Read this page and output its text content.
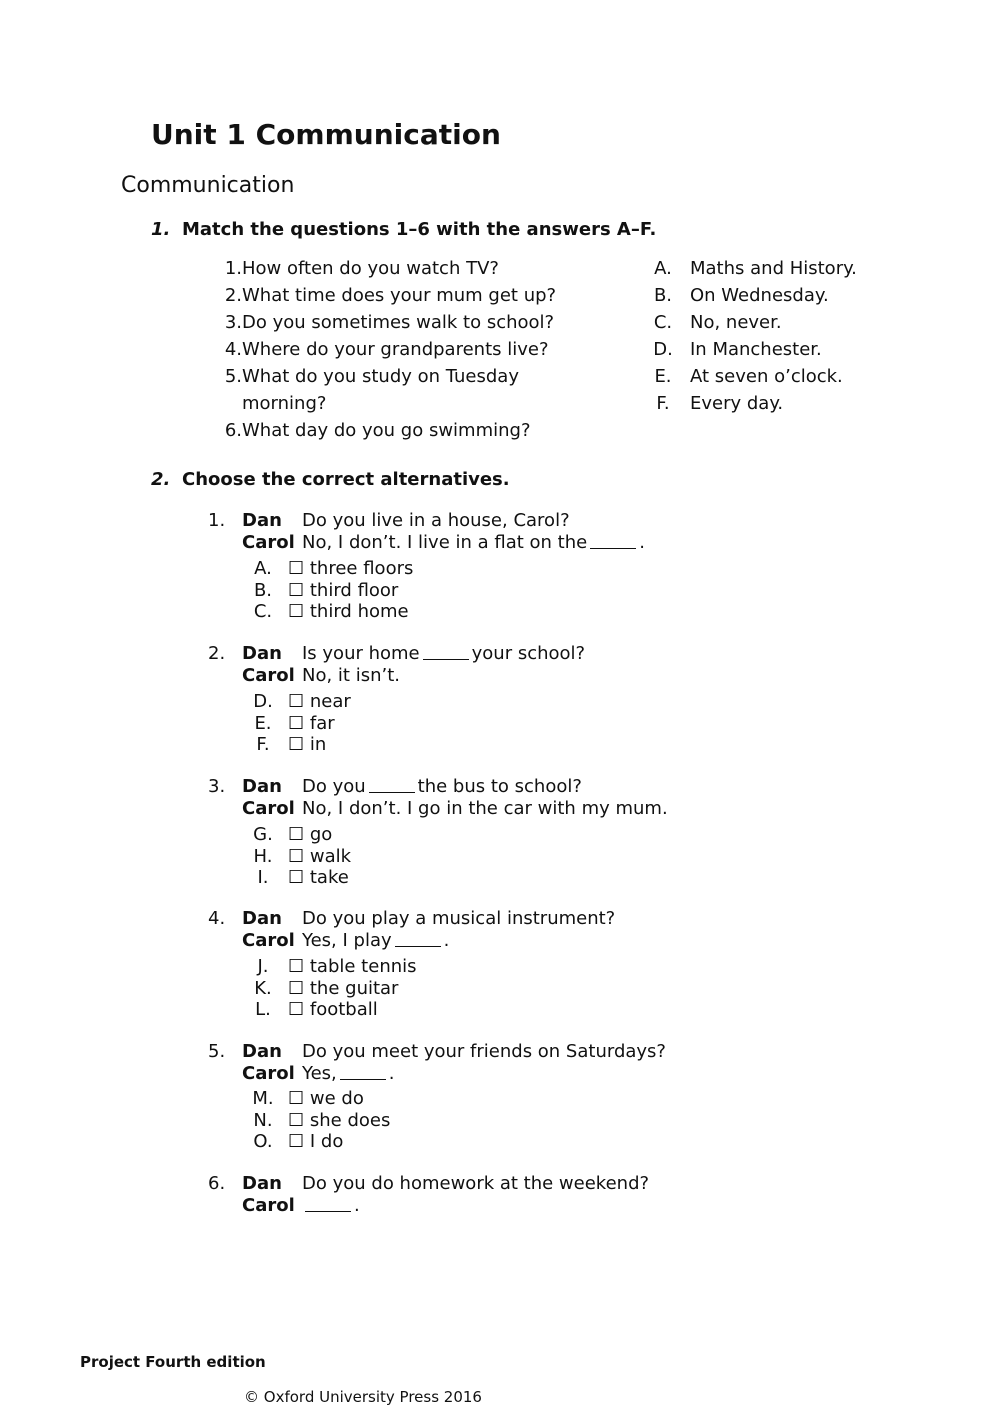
Unit 1 Communication
Communication
1. Match the questions 1–6 with the answers A–F.
1. How often do you watch TV?
2. What time does your mum get up?
3. Do you sometimes walk to school?
4. Where do your grandparents live?
5. What do you study on Tuesday
morning?
6. What day do you go swimming?
A.	Maths and History.
B. On Wednesday.
C. No, never.
D. In Manchester.
E.	At seven o’clock.
F.	Every day.
2. Choose the correct alternatives.
1. Dan	Do you live in a house, Carol?
Carol No, I don’t. I live in a flat on the	.
A. ☐
three floors
B. ☐
third floor
C. ☐
third home
2. Dan	Is your home	your school?
Carol No, it isn’t.
D. ☐
near
E. ☐
far
F.	☐
in
3. Dan	Do you	the bus to school?
Carol No, I don’t. I go in the car with my mum.
G. ☐
go
H. ☐
walk
I.	☐
take
4. Dan	Do you play a musical instrument?
Carol Yes, I play	.
J.	☐
table tennis
K. ☐
the guitar
L. ☐
football
5. Dan	Do you meet your friends on Saturdays?
Carol Yes,	.
M. ☐
we do
N. ☐
she does
O. ☐
I do
6. Dan	Do you do homework at the weekend?
Carol	.
Project Fourth edition
© Oxford University Press 2016
